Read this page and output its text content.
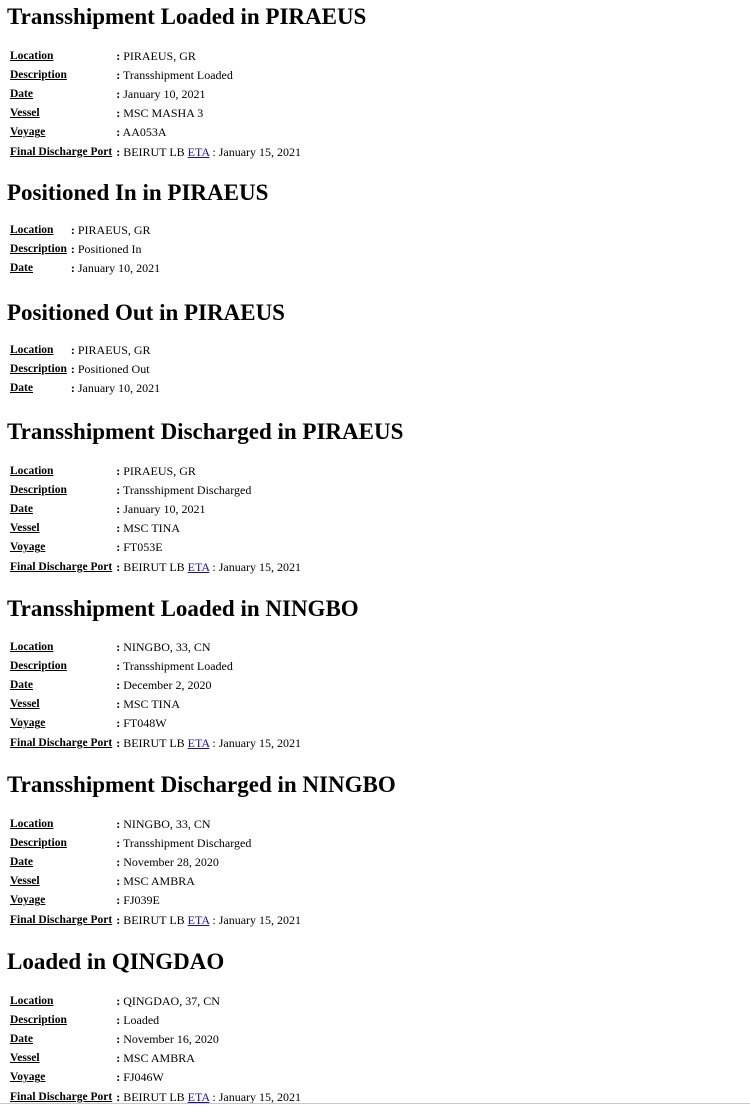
Transshipment Loaded in PIRAEUS
Location	: PIRAEUS, GR
Description	: Transshipment Loaded
Date	: January 10, 2021
Vessel	: MSC MASHA 3
Voyage	: AA053A
Final Discharge Port	: BEIRUT LB ETA : January 15, 2021
Positioned In in PIRAEUS
Location	: PIRAEUS, GR
Description	: Positioned In
Date	: January 10, 2021
Positioned Out in PIRAEUS
Location	: PIRAEUS, GR
Description	: Positioned Out
Date	: January 10, 2021
Transshipment Discharged in PIRAEUS
Location	: PIRAEUS, GR
Description	: Transshipment Discharged
Date	: January 10, 2021
Vessel	: MSC TINA
Voyage	: FT053E
Final Discharge Port	: BEIRUT LB ETA : January 15, 2021
Transshipment Loaded in NINGBO
Location	: NINGBO, 33, CN
Description	: Transshipment Loaded
Date	: December 2, 2020
Vessel	: MSC TINA
Voyage	: FT048W
Final Discharge Port	: BEIRUT LB ETA : January 15, 2021
Transshipment Discharged in NINGBO
Location	: NINGBO, 33, CN
Description	: Transshipment Discharged
Date	: November 28, 2020
Vessel	: MSC AMBRA
Voyage	: FJ039E
Final Discharge Port	: BEIRUT LB ETA : January 15, 2021
Loaded in QINGDAO
Location	: QINGDAO, 37, CN
Description	: Loaded
Date	: November 16, 2020
Vessel	: MSC AMBRA
Voyage	: FJ046W
Final Discharge Port	: BEIRUT LB ETA : January 15, 2021
